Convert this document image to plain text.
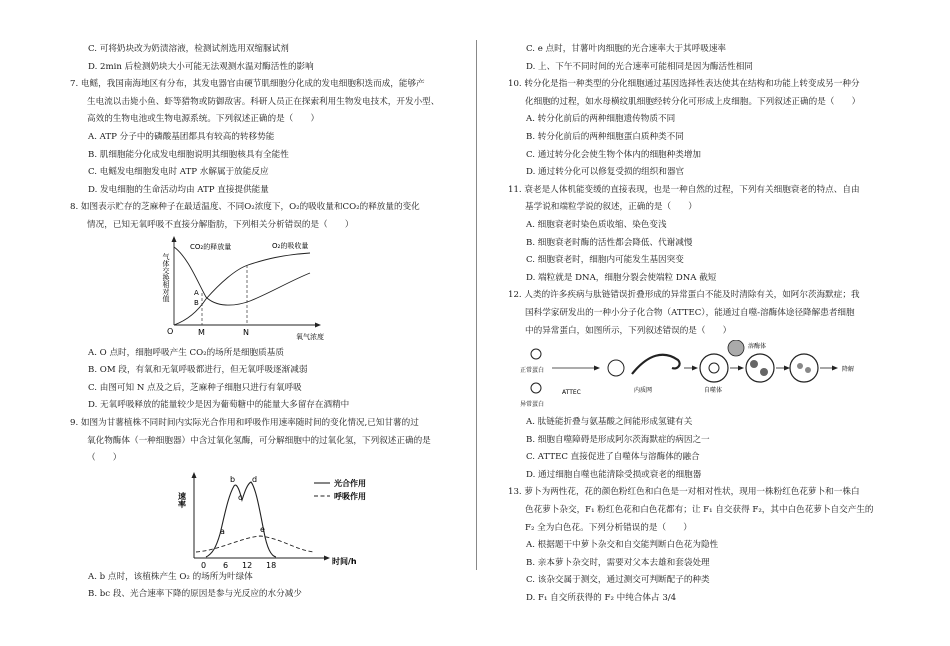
C. 可将奶块改为奶渍溶液，检测试剂选用双缩脲试剂
D. 2min 后检测奶块大小可能无法观测水温对酶活性的影响
7. 电鳐，我国南海地区有分布，其发电器官由硬节肌细胞分化成的发电细胞积迭而成，能够产
生电流以击毙小鱼、虾等猎物或防御敌害。科研人员正在探索利用生物发电技术，开发小型、
高效的生物电池或生物电源系统。下列叙述正确的是（　　）
A. ATP 分子中的磷酸基团都具有较高的转移势能
B. 肌细胞能分化成发电细胞说明其细胞核具有全能性
C. 电鳐发电细胞发电时 ATP 水解属于放能反应
D. 发电细胞的生命活动均由 ATP 直接提供能量
8. 如图表示贮存的芝麻种子在最适温度、不同O₂浓度下，O₂的吸收量和CO₂的释放量的变化
情况，已知无氧呼吸不直接分解脂肪，下列相关分析错误的是（　　）
CO₂的释放量	O₂的吸收量
气体交换相对值
氧气浓度
O	M	N
A
B
A. O 点时，细胞呼吸产生 CO₂的场所是细胞质基质
B. OM 段，有氧和无氧呼吸都进行，但无氧呼吸逐渐减弱
C. 由图可知 N 点及之后，芝麻种子细胞只进行有氧呼吸
D. 无氧呼吸释放的能量较少是因为葡萄糖中的能量大多留存在酒精中
9. 如图为甘薯植株不同时间内实际光合作用和呼吸作用速率随时间的变化情况,已知甘薯的过
氧化物酶体（一种细胞器）中含过氧化氢酶，可分解细胞中的过氧化氢，下列叙述正确的是
（　　）
光合作用
呼吸作用
速率
时间/h
0 6 12 18
a
b
c
d
e
A. b 点时，该植株产生 O₂ 的场所为叶绿体
B. bc 段、光合速率下降的原因是参与光反应的水分减少
C. e 点时，甘薯叶肉细胞的光合速率大于其呼吸速率
D. 上、下午不同时间的光合速率可能相同是因为酶活性相同
10. 转分化是指一种类型的分化细胞通过基因选择性表达使其在结构和功能上转变成另一种分
化细胞的过程，如水母横纹肌细胞经转分化可形成上皮细胞。下列叙述正确的是（　　）
A. 转分化前后的两种细胞遗传物质不同
B. 转分化前后的两种细胞蛋白质种类不同
C. 通过转分化会使生物个体内的细胞种类增加
D. 通过转分化可以修复受损的组织和器官
11. 衰老是人体机能变缓的直接表现，也是一种自然的过程，下列有关细胞衰老的特点、自由
基学说和端粒学说的叙述，正确的是（　　）
A. 细胞衰老时染色质收缩、染色变浅
B. 细胞衰老时酶的活性都会降低、代谢减慢
C. 细胞衰老时，细胞内可能发生基因突变
D. 端粒就是 DNA，细胞分裂会使端粒 DNA 截短
12. 人类的许多疾病与肽链错误折叠形成的异常蛋白不能及时清除有关，如阿尔茨海默症；我
国科学家研发出的一种小分子化合物（ATTEC），能通过自噬-溶酶体途径降解患者细胞
中的异常蛋白，如图所示，下列叙述错误的是（　　）
正常蛋白
异常蛋白
ATTEC	内质网	自噬体
溶酶体
降解
A. 肽链能折叠与氨基酸之间能形成氢键有关
B. 细胞自噬障碍是形成阿尔茨海默症的病因之一
C. ATTEC 直接促进了自噬体与溶酶体的融合
D. 通过细胞自噬也能清除受损或衰老的细胞器
13. 萝卜为两性花，花的颜色粉红色和白色是一对相对性状，现用一株粉红色花萝卜和一株白
色花萝卜杂交，F₁ 粉红色花和白色花都有；让 F₁ 自交获得 F₂，其中白色花萝卜自交产生的
F₂ 全为白色花。下列分析错误的是（　　）
A. 根据题干中萝卜杂交和自交能判断白色花为隐性
B. 亲本萝卜杂交时，需要对父本去雄和套袋处理
C. 该杂交属于测交，通过测交可判断配子的种类
D. F₁ 自交所获得的 F₂ 中纯合体占 3/4
